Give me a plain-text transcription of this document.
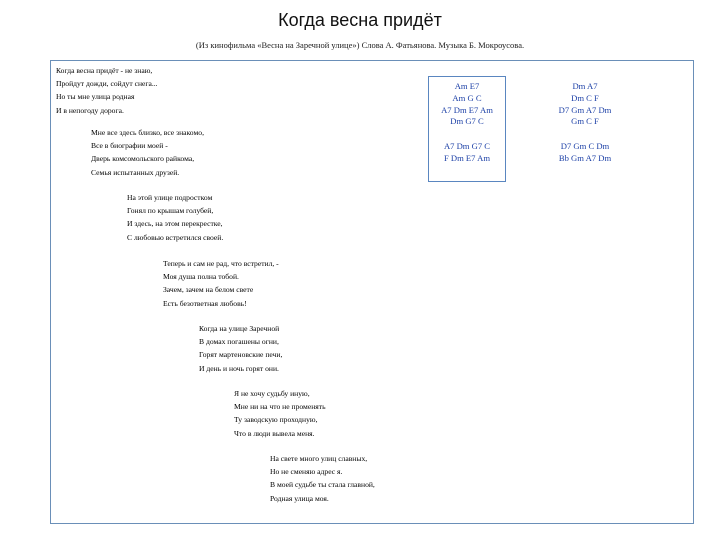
Когда весна придёт
(Из кинофильма «Весна на Заречной улице») Слова А. Фатьянова. Музыка Б. Мокроусова.
Когда весна придёт - не знаю,
Пройдут дожди, сойдут снега...
Но ты мне улица родная
И в непогоду дорога.
Мне все здесь близко, все знакомо,
Все в биографии моей -
Дверь комсомольского райкома,
Семья испытанных друзей.
На этой улице подростком
Гонял по крышам голубей,
И здесь, на этом перекрестке,
С любовью встретился своей.
Теперь и сам не рад, что встретил, -
Моя душа полна тобой.
Зачем, зачем на белом свете
Есть безответная любовь!
Когда на улице Заречной
В домах погашены огни,
Горят мартеновские печи,
И день и ночь горят они.
Я не хочу судьбу иную,
Мне ни на что не променять
Ту заводскую проходную,
Что в люди вывела меня.
На свете много улиц славных,
Но не сменяю адрес я.
В моей судьбе ты стала главной,
Родная улица моя.
Am E7
Am G C
A7 Dm E7 Am
Dm G7 C
A7 Dm G7 C
F Dm E7 Am
Dm A7
Dm C F
D7 Gm A7 Dm
Gm C F
D7 Gm C Dm
Bb Gm A7 Dm
